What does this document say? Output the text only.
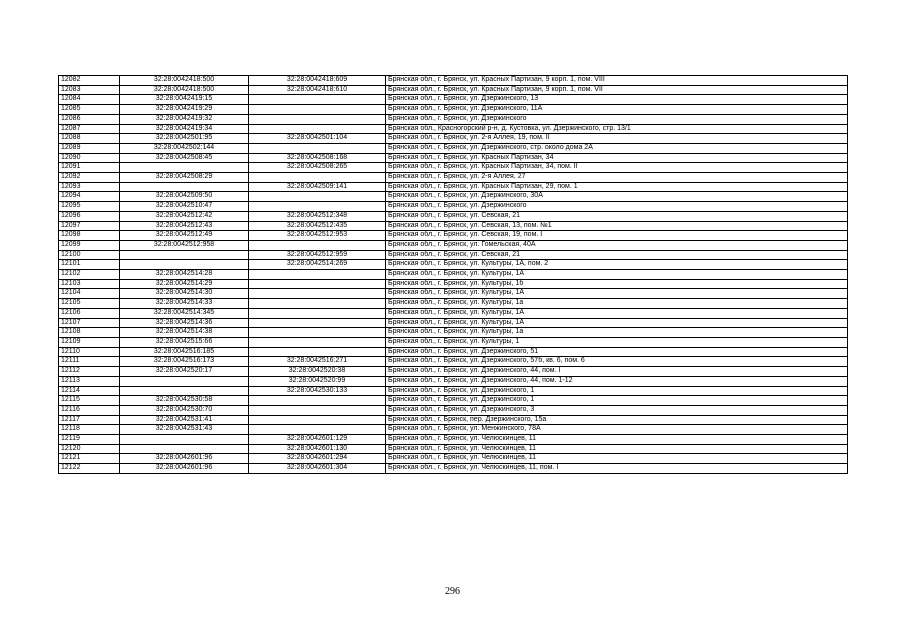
12082	32:28:0042418:500	32:28:0042418:609	Брянская обл., г. Брянск, ул. Красных Партизан, 9 корп. 1, пом. VIII
12083	32:28:0042418:500	32:28:0042418:610	Брянская обл., г. Брянск, ул. Красных Партизан, 9 корп. 1, пом. VII
12084	32:28:0042419:15		Брянская обл., г. Брянск, ул. Дзержинского, 13
12085	32:28:0042419:29		Брянская обл., г. Брянск, ул. Дзержинского, 11А
12086	32:28:0042419:32		Брянская обл., г. Брянск, ул. Дзержинского
12087	32:28:0042419:34		Брянская обл., Красногорский р-н, д. Кустовка, ул. Дзержинского, стр. 13/1
12088	32:28:0042501:95	32:28:0042501:104	Брянская обл., г. Брянск, ул. 2-я Аллея, 19, пом. II
12089	32:28:0042502:144		Брянская обл., г. Брянск, ул. Дзержинского, стр. около дома 2А
12090	32:28:0042508:45	32:28:0042508:168	Брянская обл., г. Брянск, ул. Красных Партизан, 34
12091		32:28:0042508:265	Брянская обл., г. Брянск, ул. Красных Партизан, 34, пом. II
12092	32:28:0042508:29		Брянская обл., г. Брянск, ул. 2-я Аллея, 27
12093		32:28:0042509:141	Брянская обл., г. Брянск, ул. Красных Партизан, 29, пом. 1
12094	32:28:0042509:50		Брянская обл., г. Брянск, ул. Дзержинского, 30А
12095	32:28:0042510:47		Брянская обл., г. Брянск, ул. Дзержинского
12096	32:28:0042512:42	32:28:0042512:348	Брянская обл., г. Брянск, ул. Севская, 21
12097	32:28:0042512:43	32:28:0042512:435	Брянская обл., г. Брянск, ул. Севская, 13, пом. №1
12098	32:28:0042512:49	32:28:0042512:953	Брянская обл., г. Брянск, ул. Севская, 19, пом. I
12099	32:28:0042512:958		Брянская обл., г. Брянск, ул. Гомельская, 40А
12100		32:28:0042512:959	Брянская обл., г. Брянск, ул. Севская, 21
12101		32:28:0042514:269	Брянская обл., г. Брянск, ул. Культуры, 1А, пом. 2
12102	32:28:0042514:28		Брянская обл., г. Брянск, ул. Культуры, 1А
12103	32:28:0042514:29		Брянская обл., г. Брянск, ул. Культуры, 1б
12104	32:28:0042514:30		Брянская обл., г. Брянск, ул. Культуры, 1А
12105	32:28:0042514:33		Брянская обл., г. Брянск, ул. Культуры, 1а
12106	32:28:0042514:345		Брянская обл., г. Брянск, ул. Культуры, 1А
12107	32:28:0042514:36		Брянская обл., г. Брянск, ул. Культуры, 1А
12108	32:28:0042514:38		Брянская обл., г. Брянск, ул. Культуры, 1а
12109	32:28:0042515:66		Брянская обл., г. Брянск, ул. Культуры, 1
12110	32:28:0042516:185		Брянская обл., г. Брянск, ул. Дзержинского, 51
12111	32:28:0042516:173	32:28:0042516:271	Брянская обл., г. Брянск, ул. Дзержинского, 57б, кв. 6, пом. 6
12112	32:28:0042520:17	32:28:0042520:38	Брянская обл., г. Брянск, ул. Дзержинского, 44, пом. I
12113		32:28:0042520:99	Брянская обл., г. Брянск, ул. Дзержинского, 44, пом. 1-12
12114		32:28:0042530:133	Брянская обл., г. Брянск, ул. Дзержинского, 1
12115	32:28:0042530:58		Брянская обл., г. Брянск, ул. Дзержинского, 1
12116	32:28:0042530:70		Брянская обл., г. Брянск, ул. Дзержинского, 3
12117	32:28:0042531:41		Брянская обл., г. Брянск, пер. Дзержинского, 15а
12118	32:28:0042531:43		Брянская обл., г. Брянск, ул. Менжинского, 78А
12119		32:28:0042601:129	Брянская обл., г. Брянск, ул. Челюскинцев, 11
12120		32:28:0042601:130	Брянская обл., г. Брянск, ул. Челюскинцев, 11
12121	32:28:0042601:96	32:28:0042601:294	Брянская обл., г. Брянск, ул. Челюскинцев, 11
12122	32:28:0042601:96	32:28:0042601:304	Брянская обл., г. Брянск, ул. Челюскинцев, 11, пом. I
296
